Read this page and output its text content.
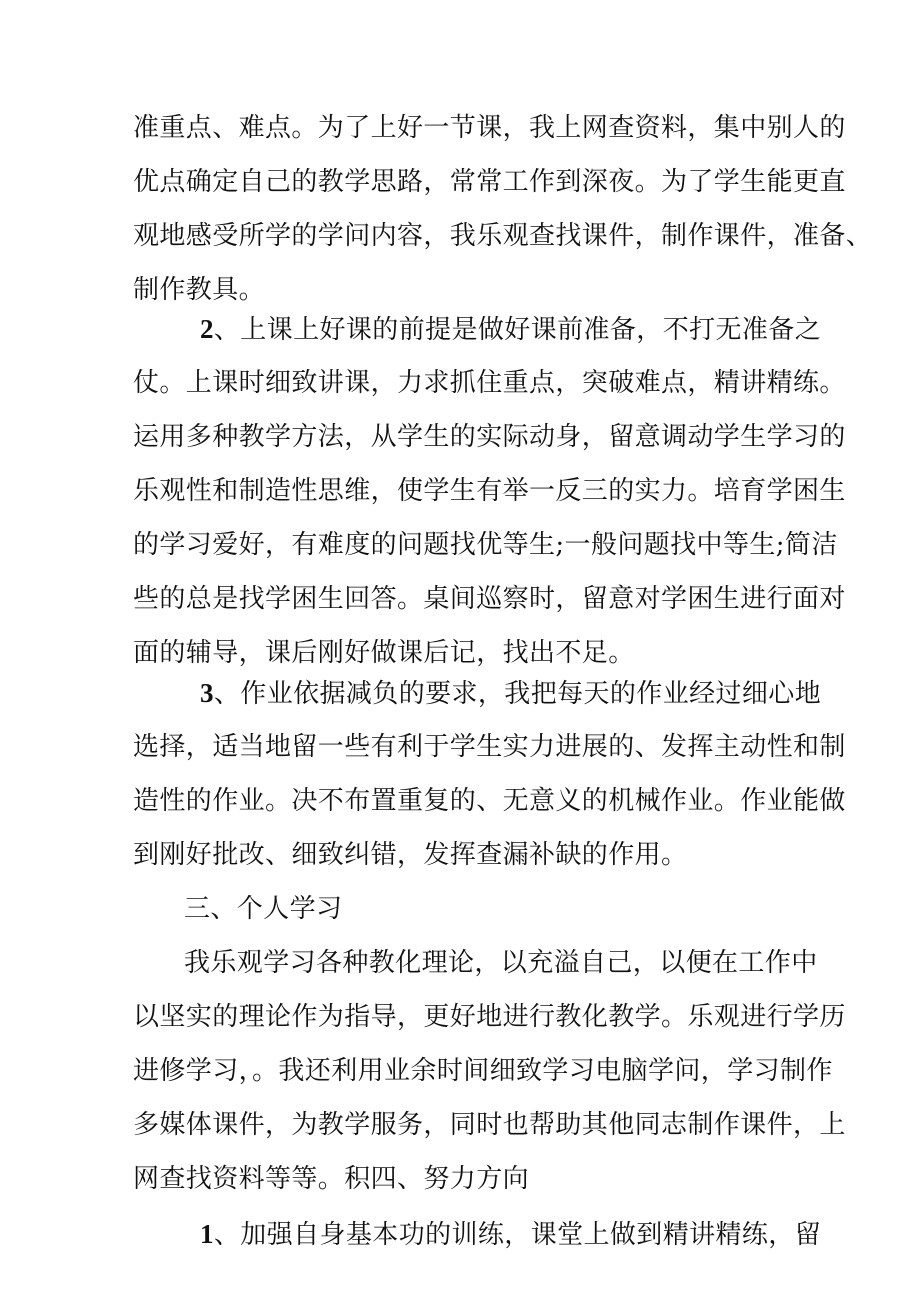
准重点、难点。为了上好一节课，我上网查资料，集中别人的
优点确定自己的教学思路，常常工作到深夜。为了学生能更直
观地感受所学的学问内容，我乐观查找课件，制作课件，准备、
制作教具。
2、上课上好课的前提是做好课前准备，不打无准备之
仗。上课时细致讲课，力求抓住重点，突破难点，精讲精练。
运用多种教学方法，从学生的实际动身，留意调动学生学习的
乐观性和制造性思维，使学生有举一反三的实力。培育学困生
的学习爱好，有难度的问题找优等生;一般问题找中等生;简洁
些的总是找学困生回答。桌间巡察时，留意对学困生进行面对
面的辅导，课后刚好做课后记，找出不足。
3、作业依据减负的要求，我把每天的作业经过细心地
选择，适当地留一些有利于学生实力进展的、发挥主动性和制
造性的作业。决不布置重复的、无意义的机械作业。作业能做
到刚好批改、细致纠错，发挥查漏补缺的作用。
三、个人学习
我乐观学习各种教化理论，以充溢自己，以便在工作中
以坚实的理论作为指导，更好地进行教化教学。乐观进行学历
进修学习，。我还利用业余时间细致学习电脑学问，学习制作
多媒体课件，为教学服务，同时也帮助其他同志制作课件，上
网查找资料等等。积四、努力方向
1、加强自身基本功的训练，课堂上做到精讲精练，留
